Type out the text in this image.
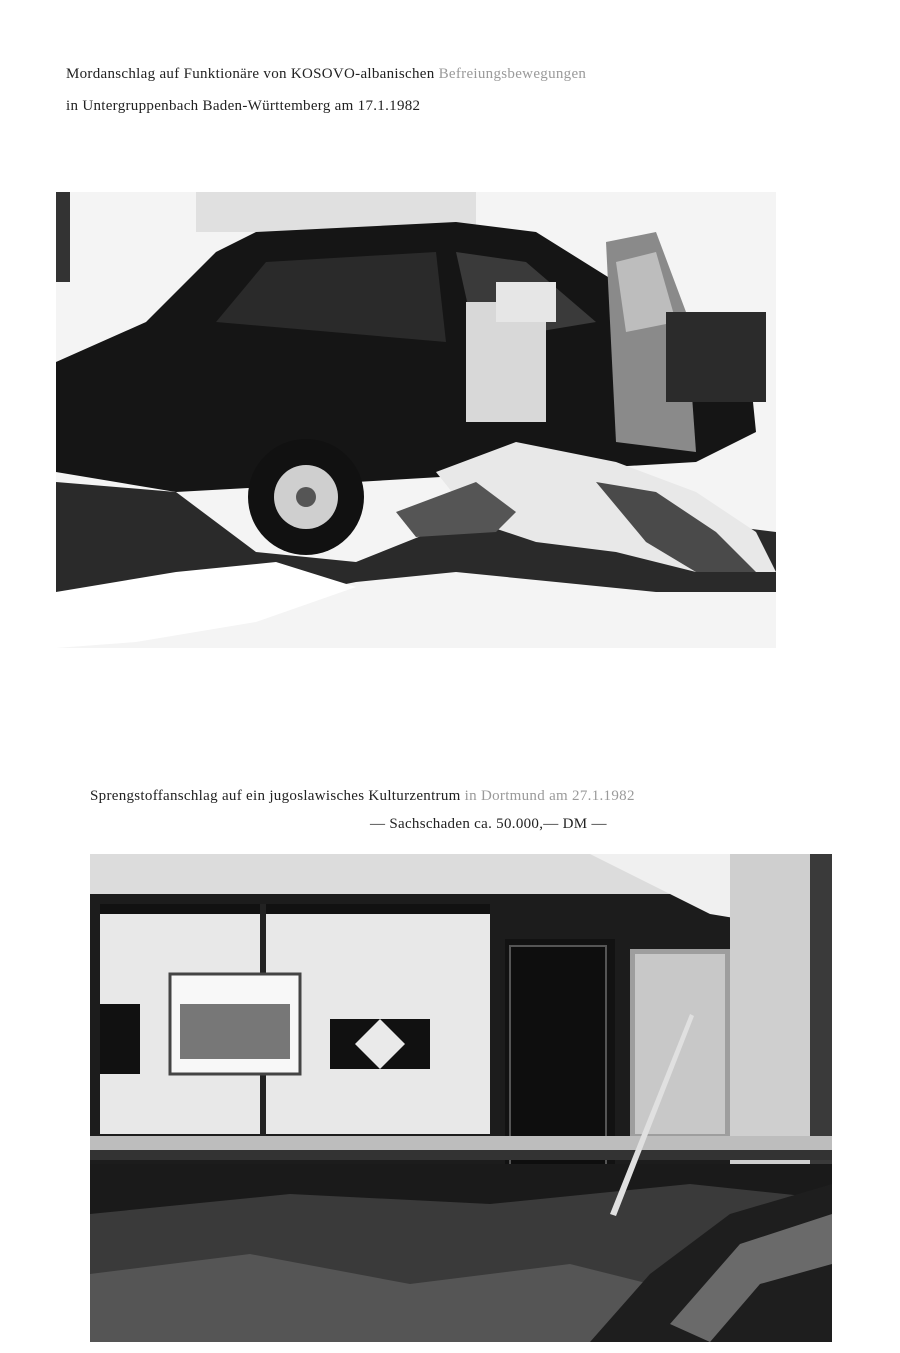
Mordanschlag auf Funktionäre von KOSOVO-albanischen Befreiungsbewegungen
in Untergruppenbach Baden-Württemberg am 17.1.1982
Sprengstoffanschlag auf ein jugoslawisches Kulturzentrum in Dortmund am 27.1.1982
— Sachschaden ca. 50.000,— DM —
